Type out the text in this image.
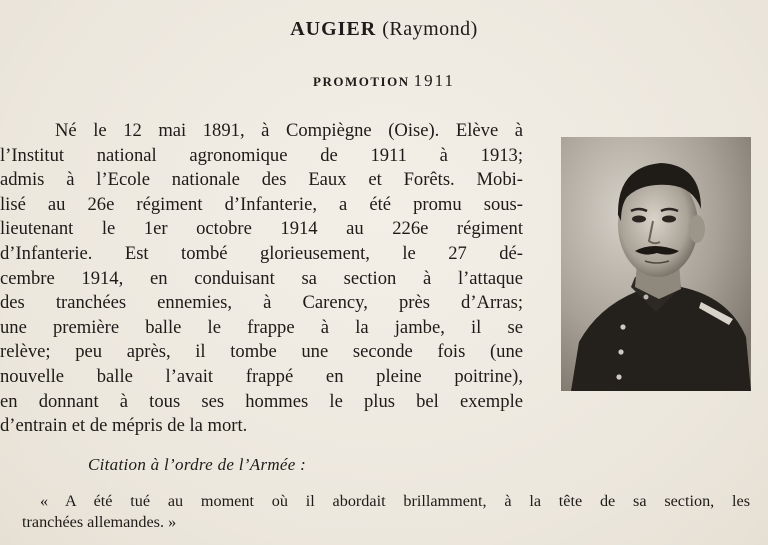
AUGIER (Raymond)
PROMOTION 1911
Né le 12 mai 1891, à Compiègne (Oise). Elève à
l’Institut national agronomique de 1911 à 1913;
admis à l’Ecole nationale des Eaux et Forêts. Mobi-
lisé au 26e régiment d’Infanterie, a été promu sous-
lieutenant le 1er octobre 1914 au 226e régiment
d’Infanterie. Est tombé glorieusement, le 27 dé-
cembre 1914, en conduisant sa section à l’attaque
des tranchées ennemies, à Carency, près d’Arras;
une première balle le frappe à la jambe, il se
relève; peu après, il tombe une seconde fois (une
nouvelle balle l’avait frappé en pleine poitrine),
en donnant à tous ses hommes le plus bel exemple
d’entrain et de mépris de la mort.
Citation à l’ordre de l’Armée :
« A été tué au moment où il abordait brillamment, à la tête de sa section, les
tranchées allemandes. »
